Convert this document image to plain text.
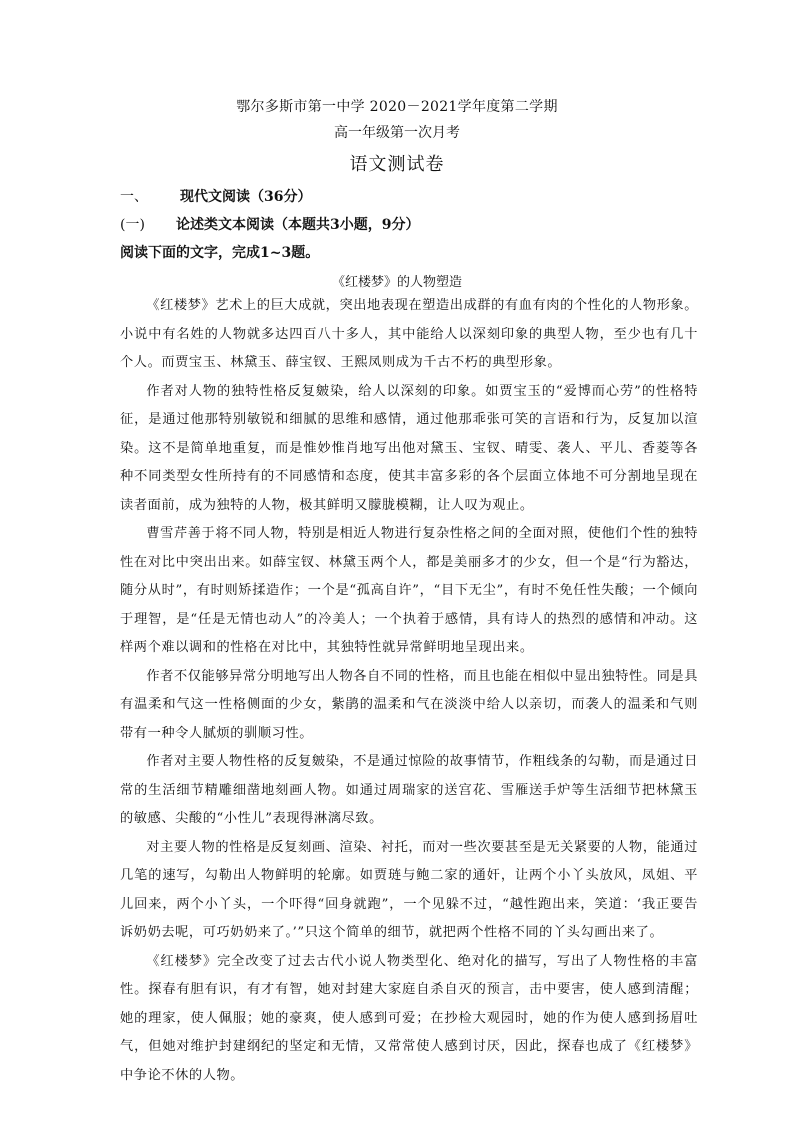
鄂尔多斯市第一中学 2020－2021学年度第二学期
高一年级第一次月考
语文测试卷
一、 现代文阅读（36分）
(一) 论述类文本阅读（本题共3小题，9分）
阅读下面的文字，完成1~3题。
《红楼梦》的人物塑造

《红楼梦》艺术上的巨大成就，突出地表现在塑造出成群的有血有肉的个性化的人物形象。小说中有名姓的人物就多达四百八十多人，其中能给人以深刻印象的典型人物，至少也有几十个人。而贾宝玉、林黛玉、薛宝钗、王熙凤则成为千古不朽的典型形象。

作者对人物的独特性格反复皴染，给人以深刻的印象。如贾宝玉的“爱博而心劳”的性格特征，是通过他那特别敏锐和细腻的思维和感情，通过他那乖张可笑的言语和行为，反复加以渲染。这不是简单地重复，而是惟妙惟肖地写出他对黛玉、宝钗、晴雯、袭人、平儿、香菱等各种不同类型女性所持有的不同感情和态度，使其丰富多彩的各个层面立体地不可分割地呈现在读者面前，成为独特的人物，极其鲜明又朦胧模糊，让人叹为观止。

曹雪芹善于将不同人物，特别是相近人物进行复杂性格之间的全面对照，使他们个性的独特性在对比中突出出来。如薛宝钗、林黛玉两个人，都是美丽多才的少女，但一个是“行为豁达，随分从时”，有时则矫揉造作；一个是“孤高自许”，“目下无尘”，有时不免任性失酸；一个倾向于理智，是“任是无情也动人”的冷美人；一个执着于感情，具有诗人的热烈的感情和冲动。这样两个难以调和的性格在对比中，其独特性就异常鲜明地呈现出来。

作者不仅能够异常分明地写出人物各自不同的性格，而且也能在相似中显出独特性。同是具有温柔和气这一性格侧面的少女，紫鹃的温柔和气在淡淡中给人以亲切，而袭人的温柔和气则带有一种令人腻烦的驯顺习性。

作者对主要人物性格的反复皴染，不是通过惊险的故事情节，作粗线条的勾勒，而是通过日常的生活细节精雕细凿地刻画人物。如通过周瑞家的送宫花、雪雁送手炉等生活细节把林黛玉的敏感、尖酸的“小性儿”表现得淋漓尽致。

对主要人物的性格是反复刻画、渲染、衬托，而对一些次要甚至是无关紧要的人物，能通过几笔的速写，勾勒出人物鲜明的轮廓。如贾琏与鲍二家的通奸，让两个小丫头放风，凤姐、平儿回来，两个小丫头，一个吓得“回身就跑”，一个见躲不过，“越性跑出来，笑道：‘我正要告诉奶奶去呢，可巧奶奶来了。’”只这个简单的细节，就把两个性格不同的丫头勾画出来了。

《红楼梦》完全改变了过去古代小说人物类型化、绝对化的描写，写出了人物性格的丰富性。探春有胆有识，有才有智，她对封建大家庭自杀自灭的预言，击中要害，使人感到清醒；她的理家，使人佩服；她的豪爽，使人感到可爱；在抄检大观园时，她的作为使人感到扬眉吐气，但她对维护封建纲纪的坚定和无情，又常常使人感到讨厌，因此，探春也成了《红楼梦》中争论不休的人物。
